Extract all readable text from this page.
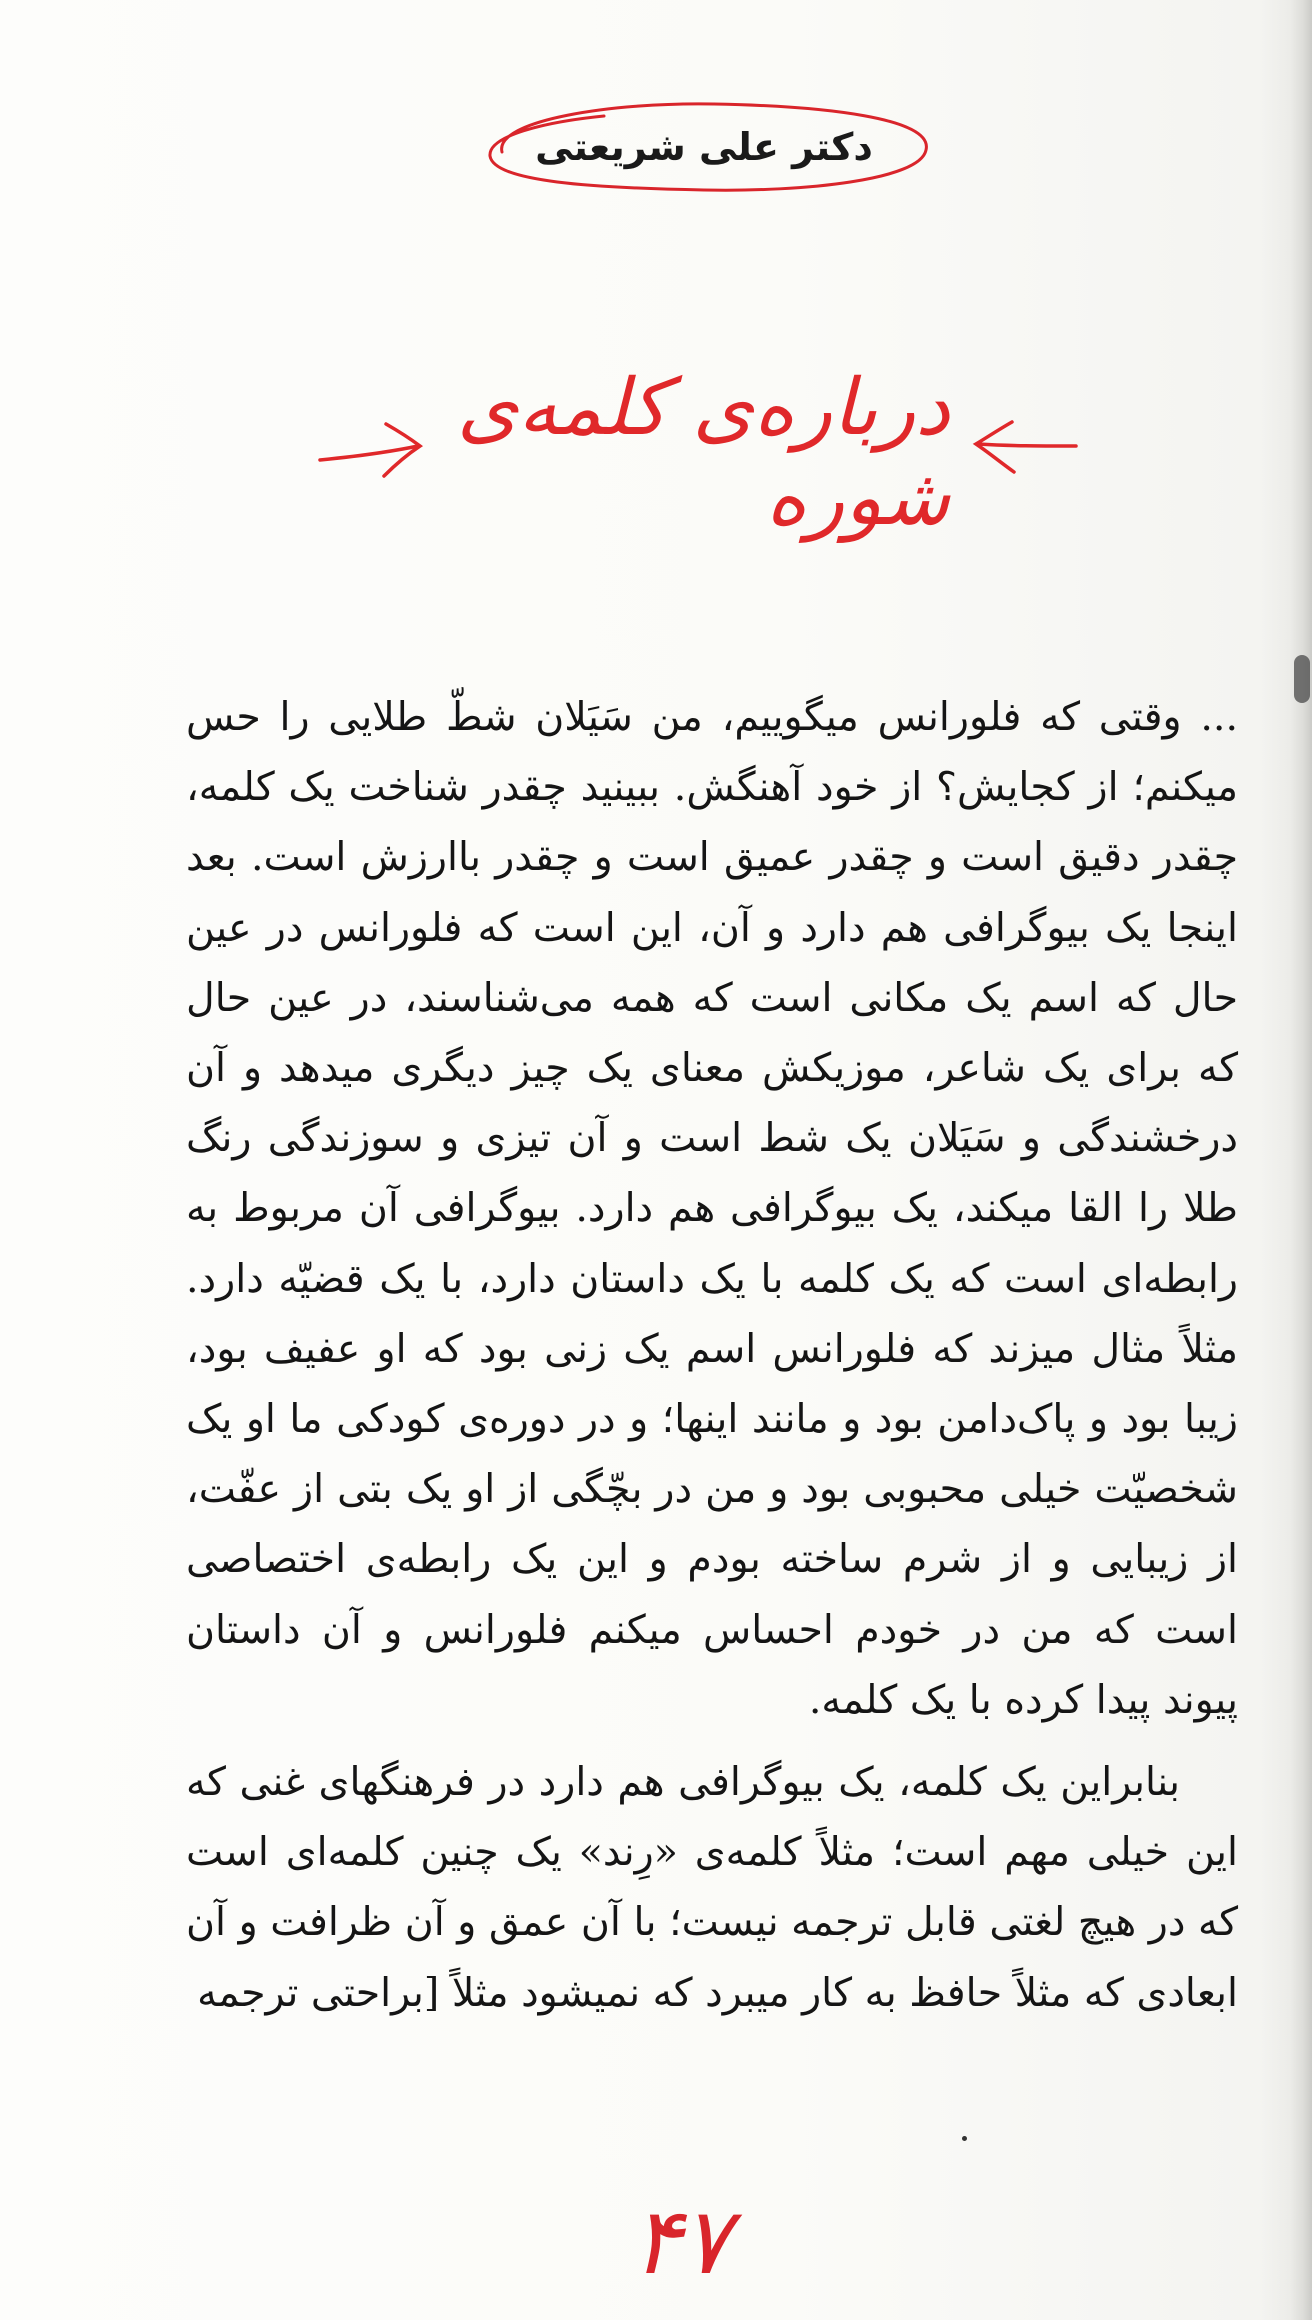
دکتر علی شریعتی
درباره‌ی کلمه‌ی شوره

... وقتی که فلورانس میگوییم، من سَیَلان شطّ طلایی را حس میکنم؛ از کجایش؟ از خود آهنگش. ببینید چقدر شناخت یک کلمه، چقدر دقیق است و چقدر عمیق است و چقدر باارزش است. بعد اینجا یک بیوگرافی هم دارد و آن، این است که فلورانس در عین حال که اسم یک مکانی است که همه می‌شناسند، در عین حال که برای یک شاعر، موزیکش معنای یک چیز دیگری میدهد و آن درخشندگی و سَیَلان یک شط است و آن تیزی و سوزندگی رنگ طلا را القا میکند، یک بیوگرافی هم دارد. بیوگرافی آن مربوط به رابطه‌ای است که یک کلمه با یک داستان دارد، با یک قضیّه دارد. مثلاً مثال میزند که فلورانس اسم یک زنی بود که او عفیف بود، زیبا بود و پاک‌دامن بود و مانند اینها؛ و در دوره‌ی کودکی ما او یک شخصیّت خیلی محبوبی بود و من در بچّگی از او یک بتی از عفّت، از زیبایی و از شرم ساخته بودم و این یک رابطه‌ی اختصاصی است که من در خودم احساس میکنم فلورانس و آن داستان پیوند پیدا کرده با یک کلمه.

بنابراین یک کلمه، یک بیوگرافی هم دارد در فرهنگهای غنی که این خیلی مهم است؛ مثلاً کلمه‌ی «رِند» یک چنین کلمه‌ای است که در هیچ لغتی قابل ترجمه نیست؛ با آن عمق و آن ظرافت و آن ابعادی که مثلاً حافظ به کار میبرد که نمیشود مثلاً [براحتی ترجمه

۴۷
